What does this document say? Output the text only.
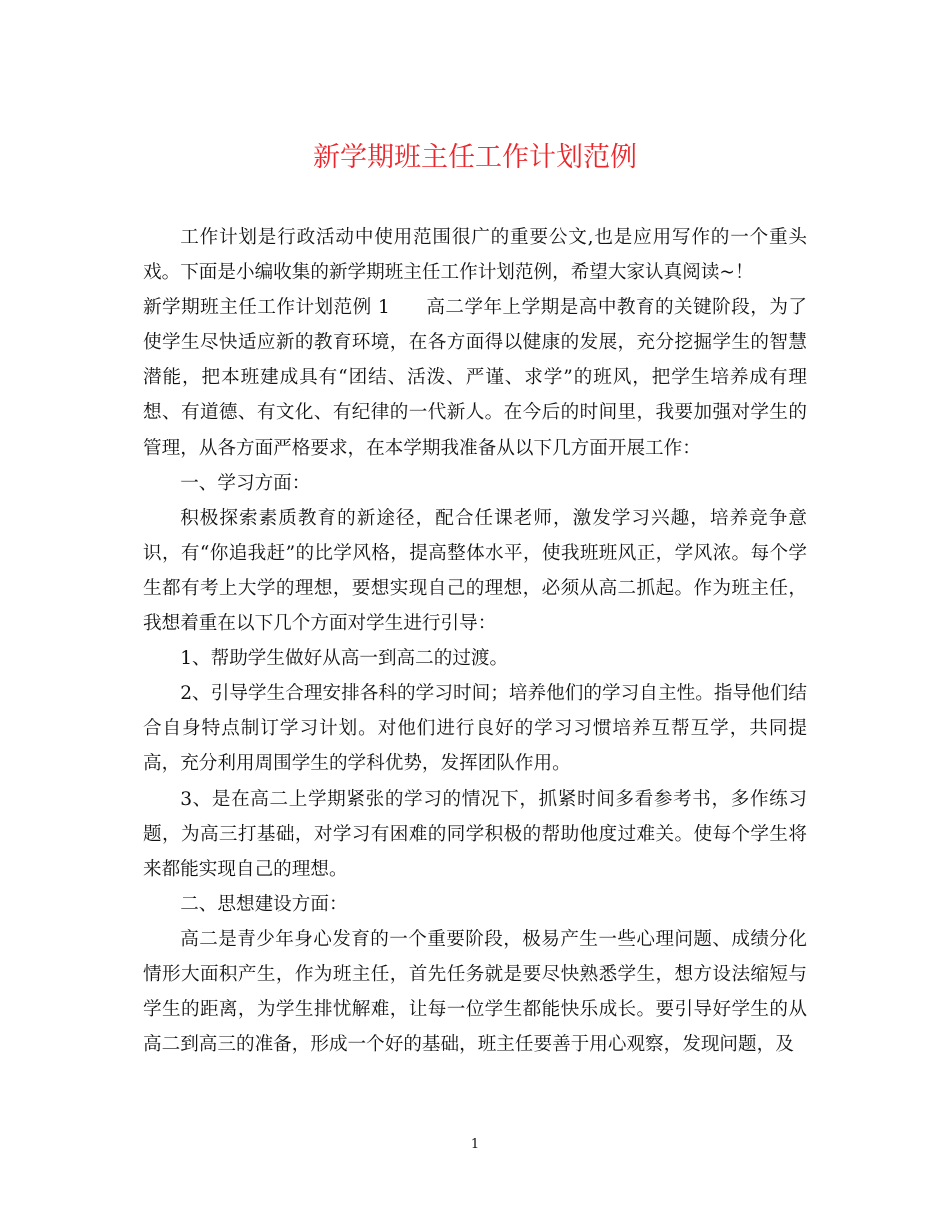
新学期班主任工作计划范例

工作计划是行政活动中使用范围很广的重要公文,也是应用写作的一个重头戏。下面是小编收集的新学期班主任工作计划范例，希望大家认真阅读~！

新学期班主任工作计划范例 1 高二学年上学期是高中教育的关键阶段，为了使学生尽快适应新的教育环境，在各方面得以健康的发展，充分挖掘学生的智慧潜能，把本班建成具有“团结、活泼、严谨、求学”的班风，把学生培养成有理想、有道德、有文化、有纪律的一代新人。在今后的时间里，我要加强对学生的管理，从各方面严格要求，在本学期我准备从以下几方面开展工作：

一、学习方面：

积极探索素质教育的新途径，配合任课老师，激发学习兴趣，培养竞争意识，有“你追我赶”的比学风格，提高整体水平，使我班班风正，学风浓。每个学生都有考上大学的理想，要想实现自己的理想，必须从高二抓起。作为班主任，我想着重在以下几个方面对学生进行引导：

1、帮助学生做好从高一到高二的过渡。

2、引导学生合理安排各科的学习时间；培养他们的学习自主性。指导他们结合自身特点制订学习计划。对他们进行良好的学习习惯培养互帮互学，共同提高，充分利用周围学生的学科优势，发挥团队作用。

3、是在高二上学期紧张的学习的情况下，抓紧时间多看参考书，多作练习题，为高三打基础，对学习有困难的同学积极的帮助他度过难关。使每个学生将来都能实现自己的理想。

二、思想建设方面：

高二是青少年身心发育的一个重要阶段，极易产生一些心理问题、成绩分化情形大面积产生，作为班主任，首先任务就是要尽快熟悉学生，想方设法缩短与学生的距离，为学生排忧解难，让每一位学生都能快乐成长。要引导好学生的从高二到高三的准备，形成一个好的基础，班主任要善于用心观察，发现问题，及

1
